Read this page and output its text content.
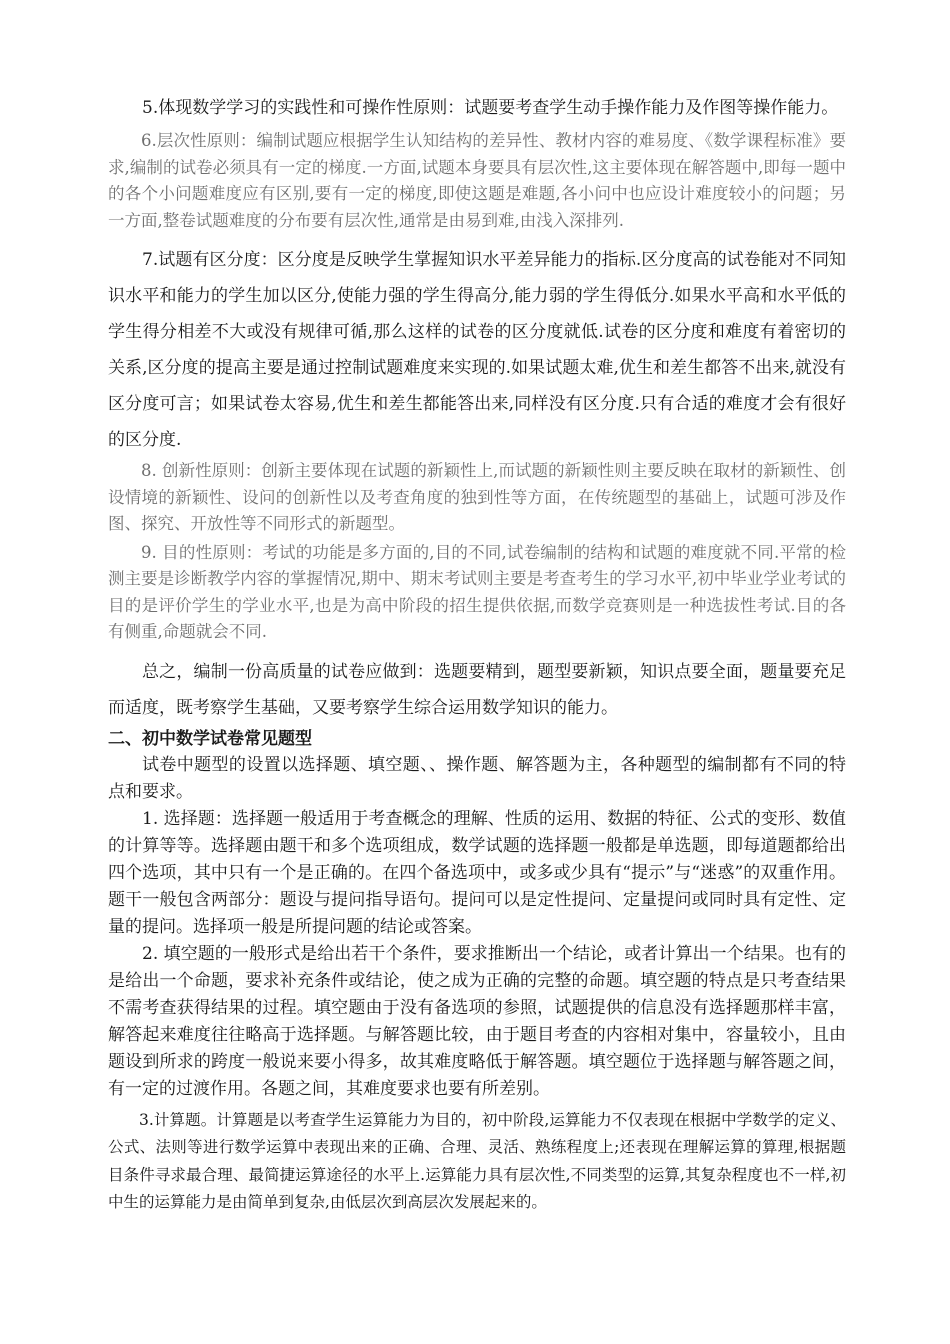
5.体现数学学习的实践性和可操作性原则：试题要考查学生动手操作能力及作图等操作能力。

6.层次性原则：编制试题应根据学生认知结构的差异性、教材内容的难易度、《数学课程标准》要求,编制的试卷必须具有一定的梯度.一方面,试题本身要具有层次性,这主要体现在解答题中,即每一题中的各个小问题难度应有区别,要有一定的梯度,即使这题是难题,各小问中也应设计难度较小的问题；另一方面,整卷试题难度的分布要有层次性,通常是由易到难,由浅入深排列.

7.试题有区分度：区分度是反映学生掌握知识水平差异能力的指标.区分度高的试卷能对不同知识水平和能力的学生加以区分,使能力强的学生得高分,能力弱的学生得低分.如果水平高和水平低的学生得分相差不大或没有规律可循,那么这样的试卷的区分度就低.试卷的区分度和难度有着密切的关系,区分度的提高主要是通过控制试题难度来实现的.如果试题太难,优生和差生都答不出来,就没有区分度可言；如果试卷太容易,优生和差生都能答出来,同样没有区分度.只有合适的难度才会有很好的区分度.

8. 创新性原则：创新主要体现在试题的新颖性上,而试题的新颖性则主要反映在取材的新颖性、创设情境的新颖性、设问的创新性以及考查角度的独到性等方面，在传统题型的基础上，试题可涉及作图、探究、开放性等不同形式的新题型。

9. 目的性原则：考试的功能是多方面的,目的不同,试卷编制的结构和试题的难度就不同.平常的检测主要是诊断教学内容的掌握情况,期中、期末考试则主要是考查考生的学习水平,初中毕业学业考试的目的是评价学生的学业水平,也是为高中阶段的招生提供依据,而数学竞赛则是一种选拔性考试.目的各有侧重,命题就会不同.

总之，编制一份高质量的试卷应做到：选题要精到，题型要新颖，知识点要全面，题量要充足而适度，既考察学生基础，又要考察学生综合运用数学知识的能力。

二、初中数学试卷常见题型

试卷中题型的设置以选择题、填空题、、操作题、解答题为主，各种题型的编制都有不同的特点和要求。

1. 选择题：选择题一般适用于考查概念的理解、性质的运用、数据的特征、公式的变形、数值的计算等等。选择题由题干和多个选项组成，数学试题的选择题一般都是单选题，即每道题都给出四个选项，其中只有一个是正确的。在四个备选项中，或多或少具有“提示”与“迷惑”的双重作用。题干一般包含两部分：题设与提问指导语句。提问可以是定性提问、定量提问或同时具有定性、定量的提问。选择项一般是所提问题的结论或答案。

2. 填空题的一般形式是给出若干个条件，要求推断出一个结论，或者计算出一个结果。也有的是给出一个命题，要求补充条件或结论，使之成为正确的完整的命题。填空题的特点是只考查结果不需考查获得结果的过程。填空题由于没有备选项的参照，试题提供的信息没有选择题那样丰富，解答起来难度往往略高于选择题。与解答题比较，由于题目考查的内容相对集中，容量较小，且由题设到所求的跨度一般说来要小得多，故其难度略低于解答题。填空题位于选择题与解答题之间，有一定的过渡作用。各题之间，其难度要求也要有所差别。

3.计算题。计算题是以考查学生运算能力为目的，初中阶段,运算能力不仅表现在根据中学数学的定义、公式、法则等进行数学运算中表现出来的正确、合理、灵活、熟练程度上;还表现在理解运算的算理,根据题目条件寻求最合理、最简捷运算途径的水平上.运算能力具有层次性,不同类型的运算,其复杂程度也不一样,初中生的运算能力是由简单到复杂,由低层次到高层次发展起来的。
